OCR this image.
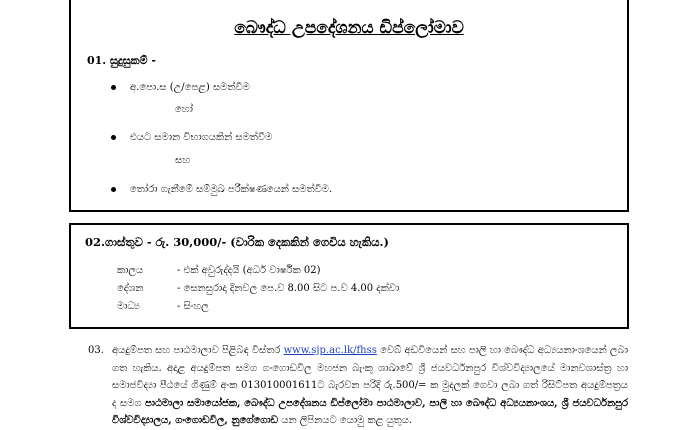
බෞද්ධ උපදේශනය ඩිප්ලෝමාව
01. සුදුසුකම් -
අ.පො.ස (උ/පෙළ) සමත්වීම
හෝ
එයට සමාන විභාගයකින් සමත්වීම
සහ
තෝරා ගැනීමේ සම්මුඛ පරීක්ෂණයෙන් සමත්වීම.
02.ගාස්තුව - රු. 30,000/- (වාරික දෙකකින් ගෙවිය හැකිය.)
කාලය	- එක් අවුරුද්දයි (අර්ධ වාර්ෂික 02)
දේශන	- සෙනසුරාදා දිනවල පෙ.ව 8.00 සිට ප.ව 4.00 දක්වා
මාධ්‍ය	- සිංහල
03. අයදුම්පත සහ පාඨමාලාව පිළිබඳ විස්තර www.sjp.ac.lk/fhss වෙබ් අඩවියෙන් සහ පාලි හා බෞද්ධ අධ්‍යයනාංශයෙන් ලබා ගත හැකිය. අදාළ අයදුම්පත සමග ගංගොඩවිල මහජන බැංකු ශාඛාවේ ශ්‍රී ජයවර්ධනපුර විශ්වවිද්‍යාලයේ මානවශාස්ත්‍ර හා සමාජවිද්‍යා පීඨයේ ගිණුම් අංක 013010001611ට බැරවන පරිදි රු.500/= ක මුදලක් ගෙවා ලබා ගත් රිසිට්පත අයදුම්පත්‍රය ද සමග පාඨමාලා සමායෝජක, බෞද්ධ උපදේශනය ඩිප්ලෝමා පාඨමාලාව, පාලි හා බෞද්ධ අධ්‍යයනාංශය, ශ්‍රී ජයවර්ධනපුර විශ්වවිද්‍යාලය, ගංගොඩවිල, නුගේගොඩ යන ලිපිනයට යොමු කළ යුතුය.
